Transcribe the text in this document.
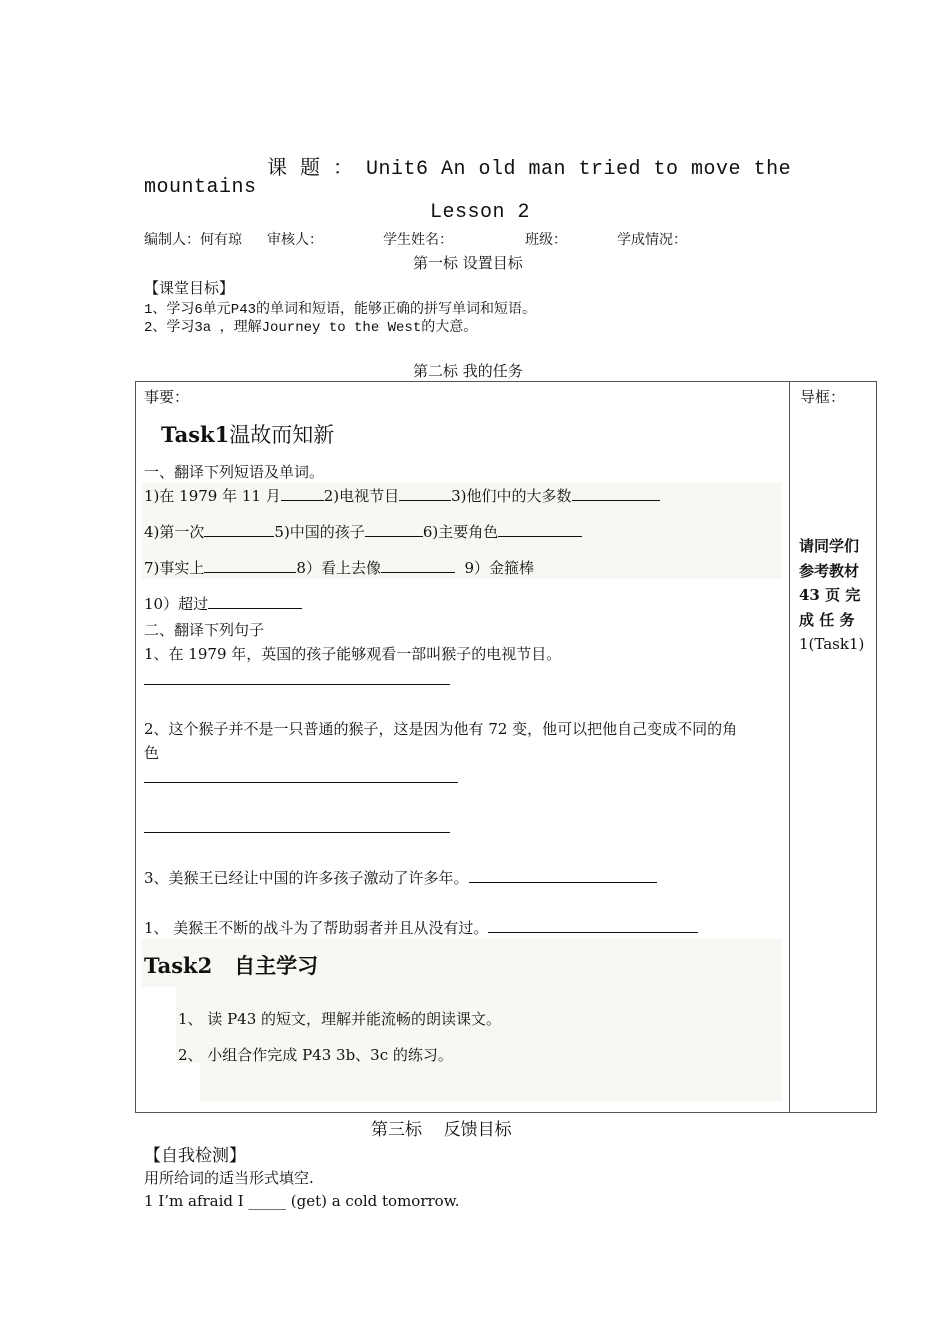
课 题 ： Unit6 An old man tried to move the
mountains
Lesson 2
编制人：何有琼 审核人：	学生姓名：	班级：	学成情况：
第一标 设置目标
【课堂目标】
1、学习6单元P43的单词和短语，能够正确的拼写单词和短语。
2、学习3a ，理解Journey to the West的大意。
第二标 我的任务

事要：	导框：
请同学们
参考教材
43 页 完
成 任 务
1(Task1)
Task1温故而知新
一、翻译下列短语及单词。
1)在 1979 年 11 月	2)电视节目	3)他们中的大多数
4)第一次	5)中国的孩子	6)主要角色
7)事实上	8）看上去像	9）金箍棒
10）超过
二、翻译下列句子
1、在 1979 年，英国的孩子能够观看一部叫猴子的电视节目。
2、这个猴子并不是一只普通的猴子，这是因为他有 72 变，他可以把他自己变成不同的角
色
3、美猴王已经让中国的许多孩子激动了许多年。
1、 美猴王不断的战斗为了帮助弱者并且从没有过。
Task2   自主学习
1、 读 P43 的短文，理解并能流畅的朗读课文。
2、 小组合作完成 P43 3b、3c 的练习。
第三标    反馈目标
【自我检测】
用所给词的适当形式填空.
1 I’m afraid I _____ (get) a cold tomorrow.
